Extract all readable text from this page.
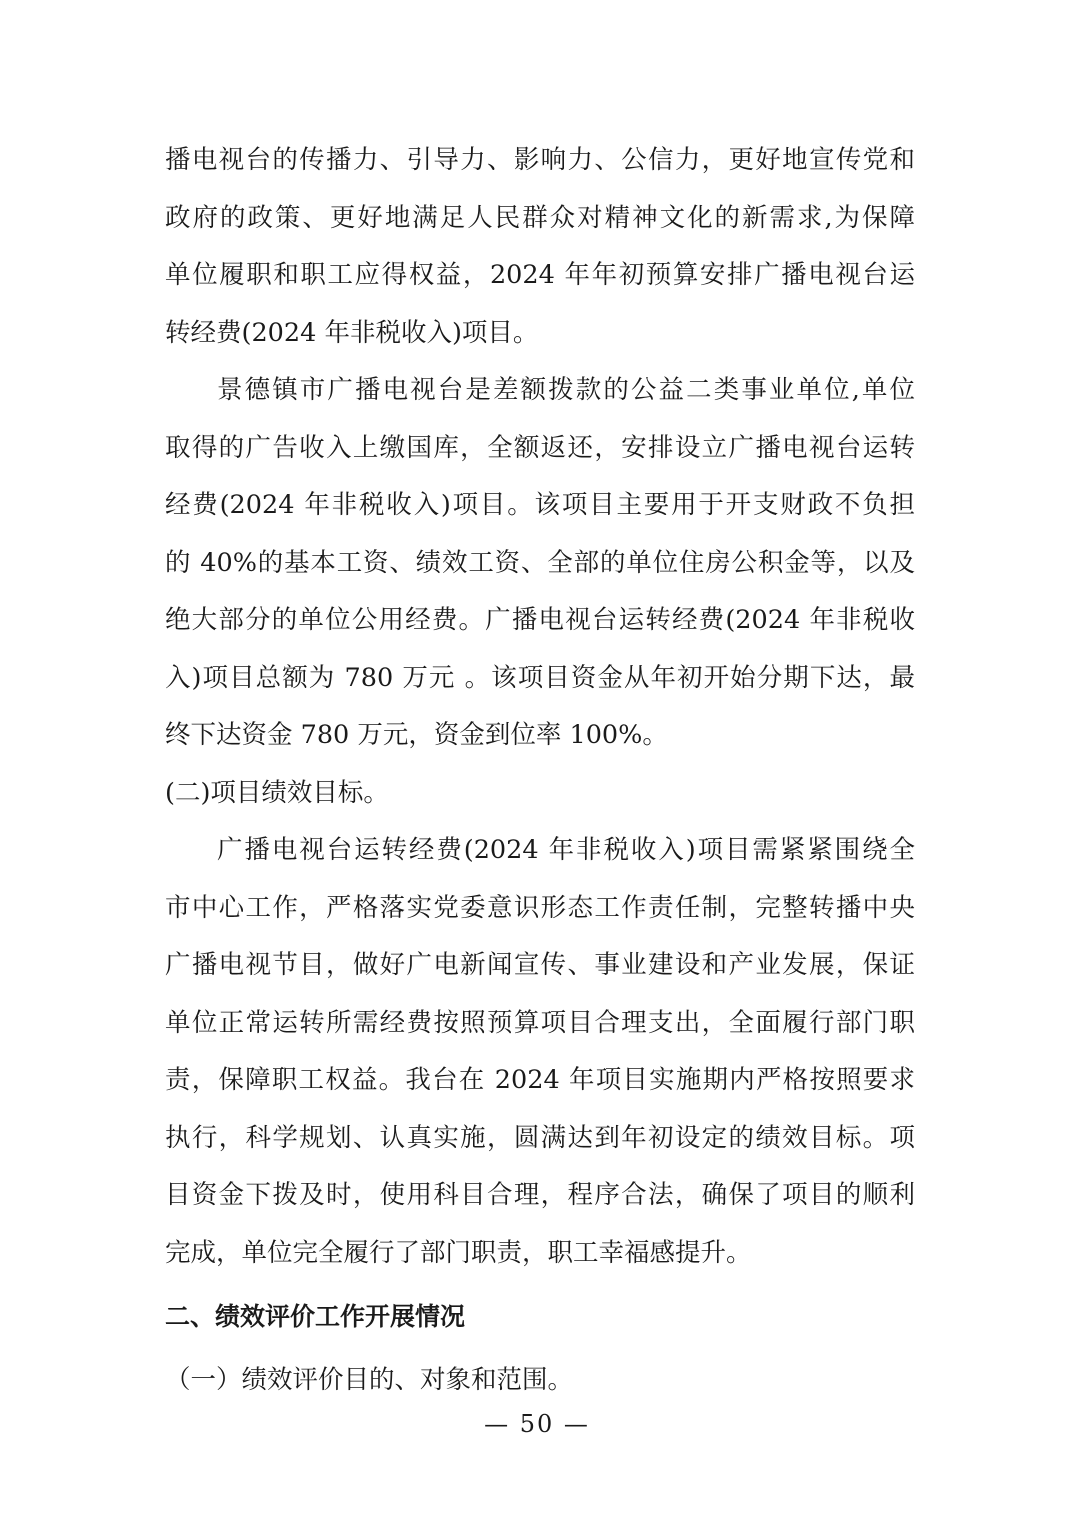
播电视台的传播力、引导力、影响力、公信力，更好地宣传党和
政府的政策、更好地满足人民群众对精神文化的新需求,为保障
单位履职和职工应得权益，2024 年年初预算安排广播电视台运
转经费(2024 年非税收入)项目。
景德镇市广播电视台是差额拨款的公益二类事业单位,单位
取得的广告收入上缴国库，全额返还，安排设立广播电视台运转
经费(2024 年非税收入)项目。该项目主要用于开支财政不负担
的 40%的基本工资、绩效工资、全部的单位住房公积金等，以及
绝大部分的单位公用经费。广播电视台运转经费(2024 年非税收
入)项目总额为 780 万元 。该项目资金从年初开始分期下达，最
终下达资金 780 万元，资金到位率 100%。
(二)项目绩效目标。
广播电视台运转经费(2024 年非税收入)项目需紧紧围绕全
市中心工作，严格落实党委意识形态工作责任制，完整转播中央
广播电视节目，做好广电新闻宣传、事业建设和产业发展，保证
单位正常运转所需经费按照预算项目合理支出，全面履行部门职
责，保障职工权益。我台在 2024 年项目实施期内严格按照要求
执行，科学规划、认真实施，圆满达到年初设定的绩效目标。项
目资金下拨及时，使用科目合理，程序合法，确保了项目的顺利
完成，单位完全履行了部门职责，职工幸福感提升。
二、绩效评价工作开展情况
（一）绩效评价目的、对象和范围。
— 50 —
